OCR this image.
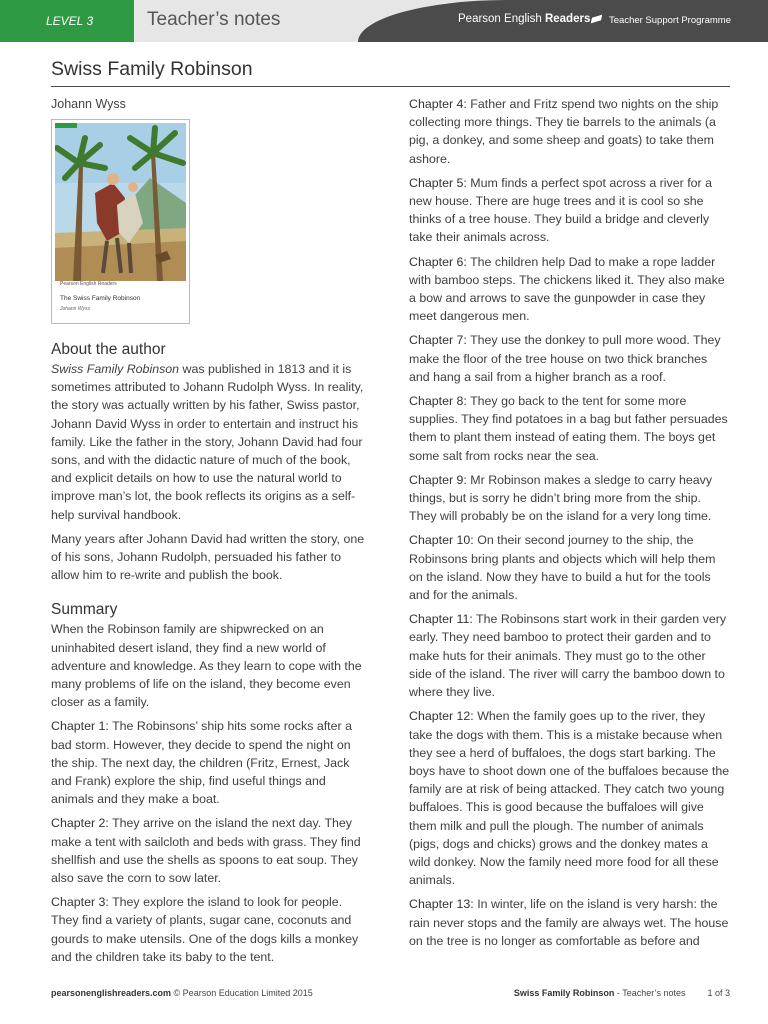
LEVEL 3	Teacher’s notes	Pearson English Readers	Teacher Support Programme
Swiss Family Robinson
Johann Wyss
Pearson English Readers
The Swiss Family Robinson
Johann Wyss
About the author

Swiss Family Robinson was published in 1813 and it is sometimes attributed to Johann Rudolph Wyss. In reality, the story was actually written by his father, Swiss pastor, Johann David Wyss in order to entertain and instruct his family. Like the father in the story, Johann David had four sons, and with the didactic nature of much of the book, and explicit details on how to use the natural world to improve man’s lot, the book reflects its origins as a self-help survival handbook.

Many years after Johann David had written the story, one of his sons, Johann Rudolph, persuaded his father to allow him to re-write and publish the book.

Summary

When the Robinson family are shipwrecked on an uninhabited desert island, they find a new world of adventure and knowledge. As they learn to cope with the many problems of life on the island, they become even closer as a family.

Chapter 1: The Robinsons’ ship hits some rocks after a bad storm. However, they decide to spend the night on the ship. The next day, the children (Fritz, Ernest, Jack and Frank) explore the ship, find useful things and animals and they make a boat.

Chapter 2: They arrive on the island the next day. They make a tent with sailcloth and beds with grass. They find shellfish and use the shells as spoons to eat soup. They also save the corn to sow later.

Chapter 3: They explore the island to look for people. They find a variety of plants, sugar cane, coconuts and gourds to make utensils. One of the dogs kills a monkey and the children take its baby to the tent.

Chapter 4: Father and Fritz spend two nights on the ship collecting more things. They tie barrels to the animals (a pig, a donkey, and some sheep and goats) to take them ashore.

Chapter 5: Mum finds a perfect spot across a river for a new house. There are huge trees and it is cool so she thinks of a tree house. They build a bridge and cleverly take their animals across.

Chapter 6: The children help Dad to make a rope ladder with bamboo steps. The chickens liked it. They also make a bow and arrows to save the gunpowder in case they meet dangerous men.

Chapter 7: They use the donkey to pull more wood. They make the floor of the tree house on two thick branches and hang a sail from a higher branch as a roof.

Chapter 8: They go back to the tent for some more supplies. They find potatoes in a bag but father persuades them to plant them instead of eating them. The boys get some salt from rocks near the sea.

Chapter 9: Mr Robinson makes a sledge to carry heavy things, but is sorry he didn’t bring more from the ship. They will probably be on the island for a very long time.

Chapter 10: On their second journey to the ship, the Robinsons bring plants and objects which will help them on the island. Now they have to build a hut for the tools and for the animals.

Chapter 11: The Robinsons start work in their garden very early. They need bamboo to protect their garden and to make huts for their animals. They must go to the other side of the island. The river will carry the bamboo down to where they live.

Chapter 12: When the family goes up to the river, they take the dogs with them. This is a mistake because when they see a herd of buffaloes, the dogs start barking. The boys have to shoot down one of the buffaloes because the family are at risk of being attacked. They catch two young buffaloes. This is good because the buffaloes will give them milk and pull the plough. The number of animals (pigs, dogs and chicks) grows and the donkey mates a wild donkey. Now the family need more food for all these animals.

Chapter 13: In winter, life on the island is very harsh: the rain never stops and the family are always wet. The house on the tree is no longer as comfortable as before and

pearsonenglishreaders.com © Pearson Education Limited 2015	Swiss Family Robinson - Teacher’s notes 1 of 3
